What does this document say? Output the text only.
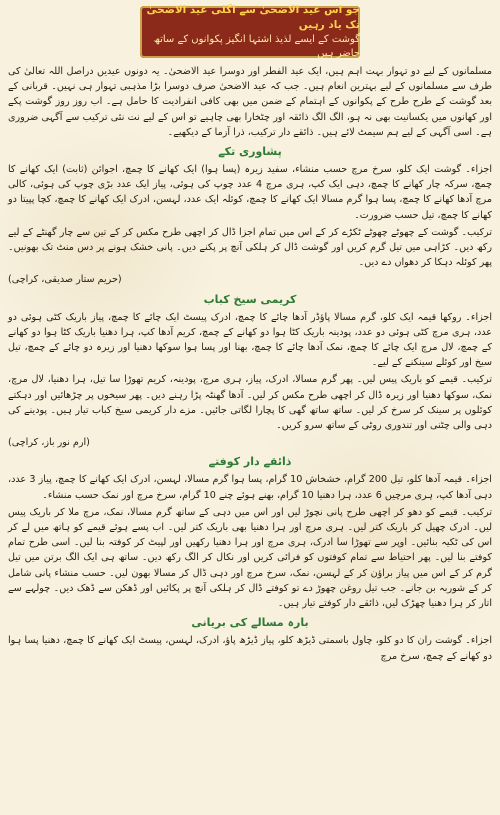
جو اس عید الاضحیٰ سے اگلی عید الاضحیٰ تک یاد رہیں
گوشت کے ایسے لذیذ اشتہا انگیز پکوانوں کے ساتھ حاضر ہیں

مسلمانوں کے لیے دو تہوار بہت اہم ہیں، ایک عید الفطر اور دوسرا عید الاضحیٰ۔ یہ دونوں عیدیں دراصل اللہ تعالیٰ کی طرف سے مسلمانوں کے لیے بہترین انعام ہیں۔ جب کہ عید الاضحیٰ صرف دوسرا بڑا مذہبی تہوار ہی نہیں۔ قربانی کے بعد گوشت کے طرح طرح کے پکوانوں کے اہتمام کے ضمن میں بھی کافی انفرادیت کا حامل ہے۔ اب روز روز گوشت پکے اور کھانوں میں یکسانیت بھی نہ ہو، الگ الگ ذائقہ اور چٹخارا بھی چاہیے تو اس کے لیے نت نئی ترکیب سے آگہی ضروری ہے۔ اسی آگہی کے لیے ہم سیمٹ لائے ہیں۔ ذائقے دار ترکیب، ذرا آزما کے دیکھیے۔

پشاوری تکے

اجزاء۔ گوشت ایک کلو، سرخ مرچ حسب منشاء، سفید زیرہ (پسا ہوا) ایک کھانے کا چمچ، اجوائن (ثابت) ایک کھانے کا چمچ، سرکہ چار کھانے کا چمچ، دہی ایک کپ، ہری مرچ 4 عدد چوپ کی ہوئی، پیاز ایک عدد بڑی چوپ کی ہوئی، کالی مرچ آدھا کھانے کا چمچ، پسا ہوا گرم مسالا ایک کھانے کا چمچ، کوئلہ ایک عدد، لہسن، ادرک ایک کھانے کا چمچ، کچا پپیتا دو کھانے کا چمچ، تیل حسب ضرورت۔

ترکیب۔ گوشت کے چھوٹے چھوٹے ٹکڑے کر کے اس میں تمام اجزا ڈال کر اچھی طرح مکس کر کے تین سے چار گھنٹے کے لیے رکھ دیں۔ کڑاہی میں تیل گرم کریں اور گوشت ڈال کر ہلکی آنچ پر پکنے دیں۔ پانی خشک ہونے پر دس منٹ تک بھونیں۔ پھر کوئلہ دہکا کر دھواں دے دیں۔

(حریم ستار صدیقی، کراچی)
کریمی سیخ کباب

اجزاء۔ روکھا قیمہ ایک کلو، گرم مسالا پاؤڈر آدھا چائے کا چمچ، ادرک پیسٹ ایک چائے کا چمچ، پیاز باریک کٹی ہوئی دو عدد، ہری مرچ کٹی ہوئی دو عدد، پودینہ باریک کٹا ہوا دو کھانے کے چمچ، کریم آدھا کپ، ہرا دھنیا باریک کٹا ہوا دو کھانے کے چمچ، لال مرچ ایک چائے کا چمچ، نمک آدھا چائے کا چمچ، بھنا اور پسا ہوا سوکھا دھنیا اور زیرہ دو چائے کے چمچ، تیل سیخ اور کوئلے سینکنے کے لیے۔

ترکیب۔ قیمے کو باریک پیس لیں۔ پھر گرم مسالا، ادرک، پیاز، ہری مرچ، پودینہ، کریم تھوڑا سا تیل، ہرا دھنیا، لال مرچ، نمک، سوکھا دھنیا اور زیرہ ڈال کر اچھی طرح مکس کر لیں۔ آدھا گھنٹہ پڑا رہنے دیں۔ پھر سیخوں پر چڑھائیں اور دہکتے کوئلوں پر سینک کر سرخ کر لیں۔ ساتھ ساتھ گھی کا پچارا لگاتی جائیں۔ مزے دار کریمی سیخ کباب تیار ہیں۔ پودینے کی دہی والی چٹنی اور تندوری روٹی کے ساتھ سرو کریں۔

(ارم نور باز، کراچی)
ذائقے دار کوفتے

اجزاء۔ قیمہ آدھا کلو، تیل 200 گرام، خشخاش 10 گرام، پسا ہوا گرم مسالا، لہسن، ادرک ایک کھانے کا چمچ، پیاز 3 عدد، دہی آدھا کپ، ہری مرچیں 6 عدد، ہرا دھنیا 10 گرام، بھنے ہوئے چنے 10 گرام، سرخ مرچ اور نمک حسب منشاء۔

ترکیب۔ قیمے کو دھو کر اچھی طرح پانی نچوڑ لیں اور اس میں دہی کے ساتھ گرم مسالا، نمک، مرچ ملا کر باریک پیس لیں۔ ادرک چھیل کر باریک کتر لیں۔ ہری مرچ اور ہرا دھنیا بھی باریک کتر لیں۔ اب پسے ہوئے قیمے کو ہاتھ میں لے کر اس کی ٹکیہ بنائیں۔ اوپر سے تھوڑا سا ادرک، ہری مرچ اور ہرا دھنیا رکھیں اور لپیٹ کر کوفتہ بنا لیں۔ اسی طرح تمام کوفتے بنا لیں۔ پھر احتیاط سے تمام کوفتوں کو فرائی کریں اور نکال کر الگ رکھ دیں۔ ساتھ ہی ایک الگ برتن میں تیل گرم کر کے اس میں پیاز براؤن کر کے لہسن، نمک، سرخ مرچ اور دہی ڈال کر مسالا بھون لیں۔ حسب منشاء پانی شامل کر کے شوربہ بن جانے۔ جب تیل روغن چھوڑ دے تو کوفتے ڈال کر ہلکی آنچ پر پکائیں اور ڈھکن سے ڈھک دیں۔ چولہے سے اتار کر ہرا دھنیا چھڑک لیں، ذائقے دار کوفتے تیار ہیں۔

بارہ مسالے کی بریانی

اجزاء۔ گوشت ران کا دو کلو، چاول باسمتی ڈیڑھ کلو، پیاز ڈیڑھ پاؤ، ادرک، لہسن، پیسٹ ایک کھانے کا چمچ، دھنیا پسا ہوا دو کھانے کے چمچ، سرخ مرچ
